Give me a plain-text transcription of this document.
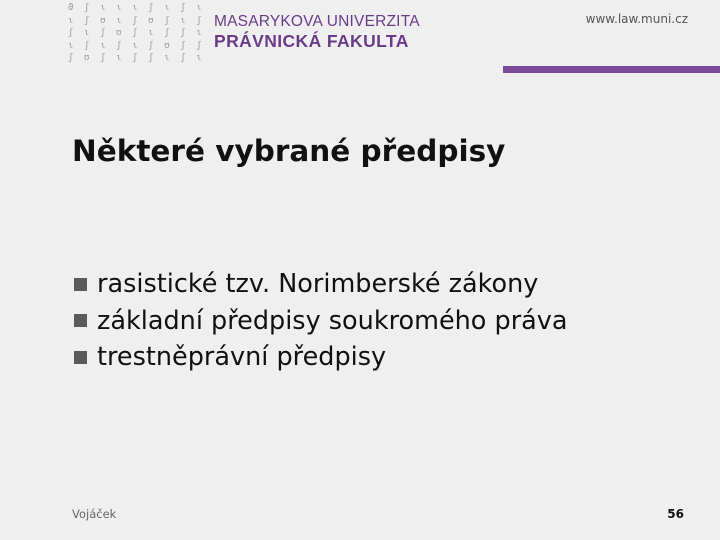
ϑ ʃ ɩ ɩ ɩ ʃ ɩ ʃ ɩ
ɩ ʃ ʊ ɩ ʃ ʊ ʃ ɩ ʃ
ʃ ɩ ʃ ʊ ʃ ɩ ʃ ʃ ɩ
ɩ ʃ ɩ ʃ ɩ ʃ ʊ ʃ ʃ
ʃ ʊ ʃ ɩ ʃ ʃ ɩ ʃ ɩ
MASARYKOVA UNIVERZITA
PRÁVNICKÁ FAKULTA
www.law.muni.cz
Některé vybrané předpisy
rasistické tzv. Norimberské zákony
základní předpisy soukromého práva
trestněprávní předpisy
Vojáček	56
